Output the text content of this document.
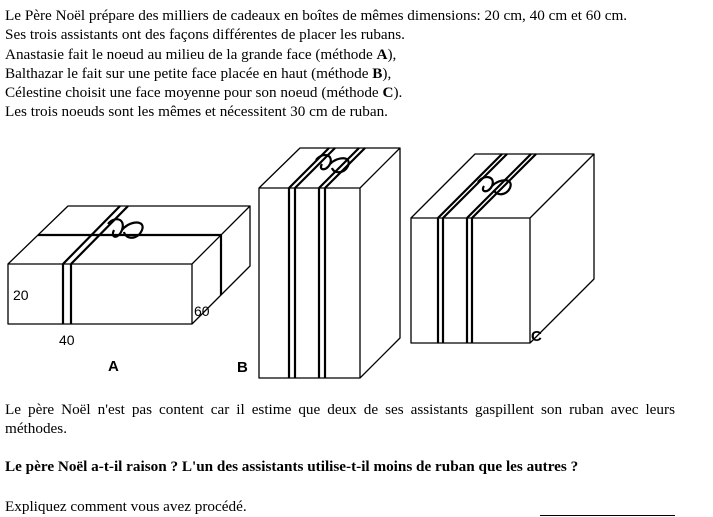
Le Père Noël prépare des milliers de cadeaux en boîtes de mêmes dimensions: 20 cm, 40 cm et 60 cm.

Ses trois assistants ont des façons différentes de placer les rubans.

Anastasie fait le noeud au milieu de la grande face (méthode A),

Balthazar le fait sur une petite face placée en haut (méthode B),

Célestine choisit une face moyenne pour son noeud (méthode C).

Les trois noeuds sont les mêmes et nécessitent 30 cm de ruban.

20
40
60
A	B
C

Le père Noël n'est pas content car il estime que deux de ses assistants gaspillent son ruban avec leurs méthodes.

Le père Noël a-t-il raison ? L'un des assistants utilise-t-il moins de ruban que les autres ?

Expliquez comment vous avez procédé.
